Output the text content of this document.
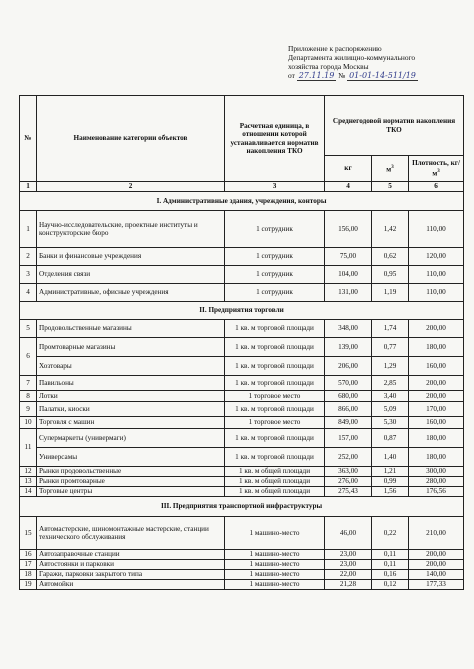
Приложение к распоряжению
Департамента жилищно-коммунального
хозяйства города Москвы
от 27.11.19 № 01-01-14-511/19
№	Наименование категории объектов	Расчетная единица, в отношении которой устанавливается норматив накопления ТКО	Среднегодовой норматив накопления ТКО		
			кг	$м^3$	Плотность, $кг/м^3$
1	2	3	4	5	6
I. Административные здания, учреждения, конторы					
1	Научно-исследовательские, проектные институты и конструкторские бюро	1 сотрудник	156,00	1,42	110,00
2	Банки и финансовые учреждения	1 сотрудник	75,00	0,62	120,00
3	Отделения связи	1 сотрудник	104,00	0,95	110,00
4	Административные, офисные учреждения	1 сотрудник	131,00	1,19	110,00
II. Предприятия торговли					
5	Продовольственные магазины	1 кв. м торговой площади	348,00	1,74	200,00
6	Промтоварные магазины	1 кв. м торговой площади	139,00	0,77	180,00
	Хозтовары	1 кв. м торговой площади	206,00	1,29	160,00
7	Павильоны	1 кв. м торговой площади	570,00	2,85	200,00
8	Лотки	1 торговое место	680,00	3,40	200,00
9	Палатки, киоски	1 кв. м торговой площади	866,00	5,09	170,00
10	Торговля с машин	1 торговое место	849,00	5,30	160,00
11	Супермаркеты (универмаги)	1 кв. м торговой площади	157,00	0,87	180,00
	Универсамы	1 кв. м торговой площади	252,00	1,40	180,00
12	Рынки продовольственные	1 кв. м общей площади	363,00	1,21	300,00
13	Рынки промтоварные	1 кв. м общей площади	276,00	0,99	280,00
14	Торговые центры	1 кв. м общей площади	275,43	1,56	176,56
III. Предприятия транспортной инфраструктуры					
15	Автомастерские, шиномонтажные мастерские, станции технического обслуживания	1 машино-место	46,00	0,22	210,00
16	Автозаправочные станции	1 машино-место	23,00	0,11	200,00
17	Автостоянки и парковки	1 машино-место	23,00	0,11	200,00
18	Гаражи, парковки закрытого типа	1 машино-место	22,00	0,16	140,00
19	Автомойки	1 машино-место	21,28	0,12	177,33
